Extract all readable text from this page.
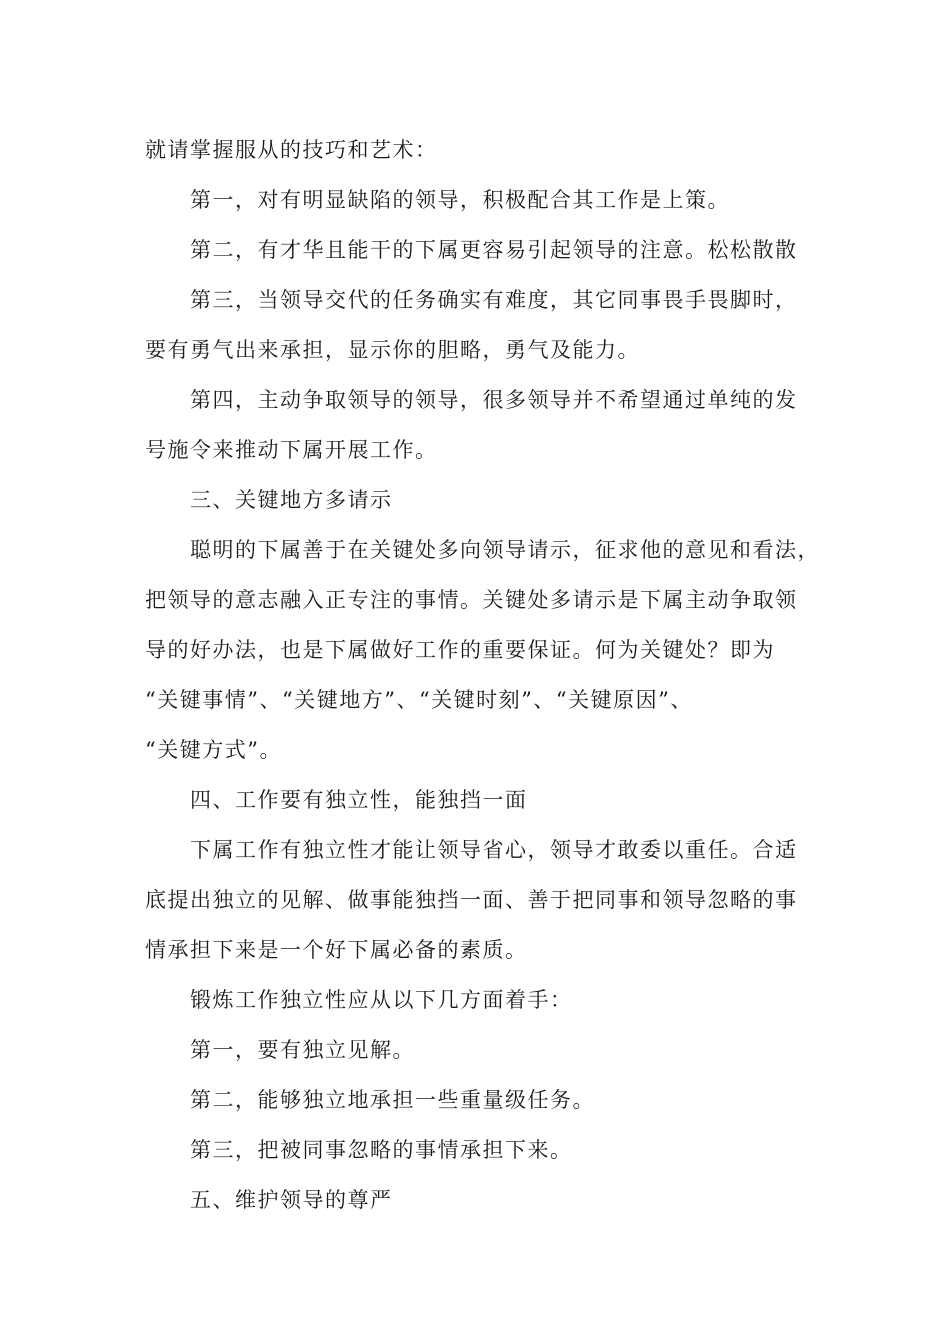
就请掌握服从的技巧和艺术：
第一，对有明显缺陷的领导，积极配合其工作是上策。
第二，有才华且能干的下属更容易引起领导的注意。松松散散
第三，当领导交代的任务确实有难度，其它同事畏手畏脚时，
要有勇气出来承担，显示你的胆略，勇气及能力。
第四，主动争取领导的领导，很多领导并不希望通过单纯的发
号施令来推动下属开展工作。
三、关键地方多请示
聪明的下属善于在关键处多向领导请示，征求他的意见和看法，
把领导的意志融入正专注的事情。关键处多请示是下属主动争取领
导的好办法，也是下属做好工作的重要保证。何为关键处？即为
“关键事情”、“关键地方”、“关键时刻”、“关键原因”、
“关键方式”。
四、工作要有独立性，能独挡一面
下属工作有独立性才能让领导省心，领导才敢委以重任。合适
底提出独立的见解、做事能独挡一面、善于把同事和领导忽略的事
情承担下来是一个好下属必备的素质。
锻炼工作独立性应从以下几方面着手：
第一，要有独立见解。
第二，能够独立地承担一些重量级任务。
第三，把被同事忽略的事情承担下来。
五、维护领导的尊严
